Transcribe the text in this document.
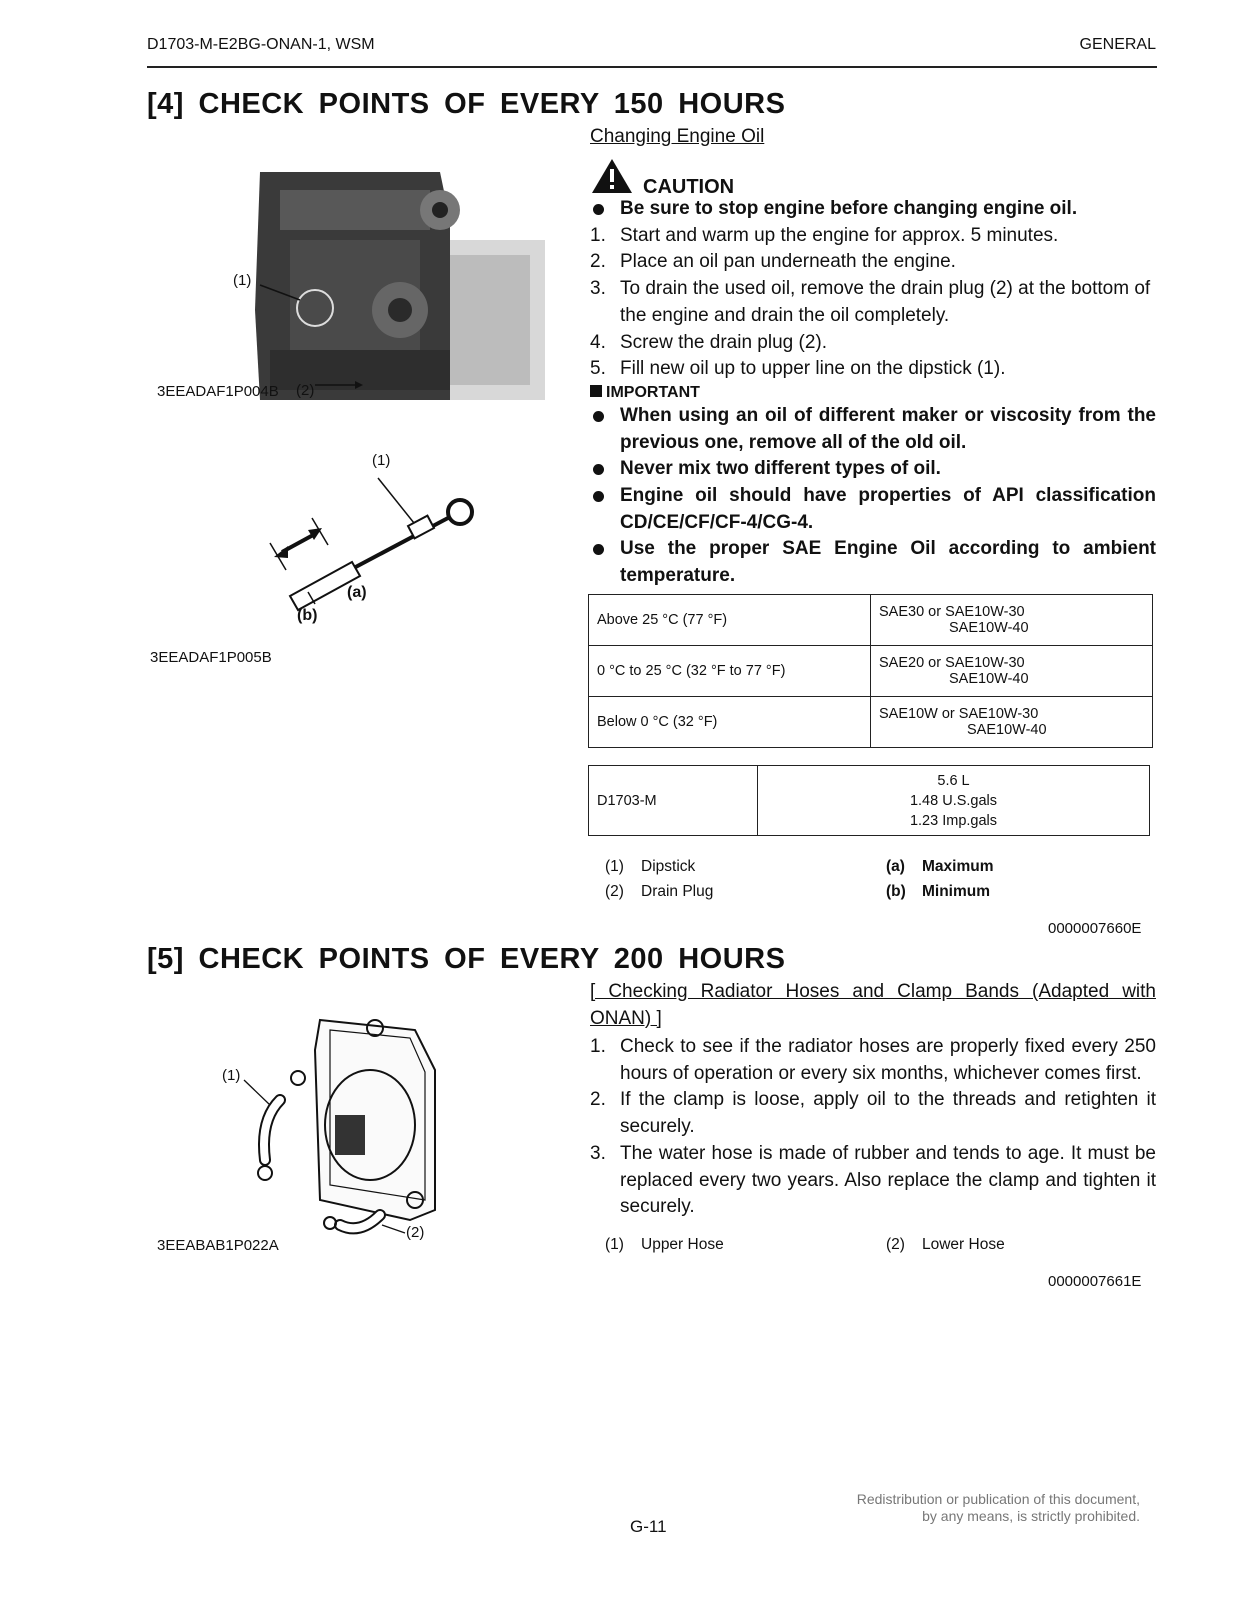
D1703-M-E2BG-ONAN-1, WSM	GENERAL
[4] CHECK POINTS OF EVERY 150 HOURS
Changing Engine Oil
(1)
(2)
3EEADAF1P004B
(1)
(a)
(b)
3EEADAF1P005B
CAUTION
Be sure to stop engine before changing engine oil.
1. Start and warm up the engine for approx. 5 minutes.
2. Place an oil pan underneath the engine.
3. To drain the used oil, remove the drain plug (2) at the bottom of the engine and drain the oil completely.
4. Screw the drain plug (2).
5. Fill new oil up to upper line on the dipstick (1).
IMPORTANT
When using an oil of different maker or viscosity from the previous one, remove all of the old oil.
Never mix two different types of oil.
Engine oil should have properties of API classification CD/CE/CF/CF-4/CG-4.
Use the proper SAE Engine Oil according to ambient temperature.
Above 25 °C (77 °F)	SAE30 or SAE10W-30
SAE10W-40

0 °C to 25 °C (32 °F to 77 °F)	SAE20 or SAE10W-30
SAE10W-40

Below 0 °C (32 °F)	SAE10W or SAE10W-30
SAE10W-40
D1703-M	
5.6 L
1.48 U.S.gals
1.23 Imp.gals
(1) Dipstick
(2) Drain Plug
(a) Maximum
(b) Minimum
0000007660E
[5] CHECK POINTS OF EVERY 200 HOURS
[ Checking Radiator Hoses and Clamp Bands (Adapted with ONAN) ]
1. Check to see if the radiator hoses are properly fixed every 250 hours of operation or every six months, whichever comes first.
2. If the clamp is loose, apply oil to the threads and retighten it securely.
3. The water hose is made of rubber and tends to age. It must be replaced every two years. Also replace the clamp and tighten it securely.
(1)
(2)
3EEABAB1P022A	(1) Upper Hose	(2) Lower Hose
0000007661E
G-11
Redistribution or publication of this document,
by any means, is strictly prohibited.
